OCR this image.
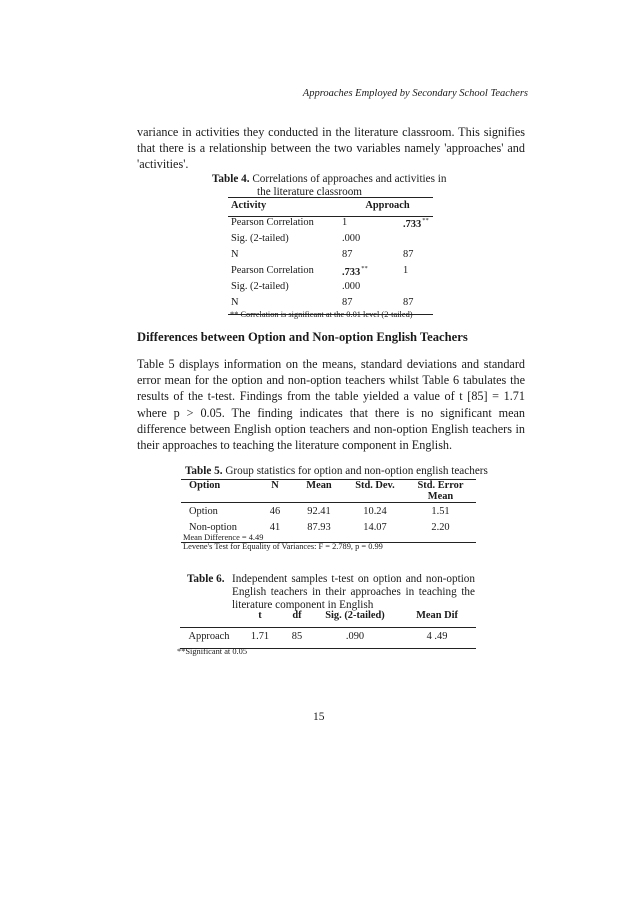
Approaches Employed by Secondary School Teachers

variance in activities they conducted in the literature classroom. This signifies that there is a relationship between the two variables namely 'approaches' and 'activities'.

Table 4. Correlations of approaches and activities in
the literature classroom
Activity	Approach	
Pearson Correlation	1	.733**
Sig. (2-tailed)	.000	
N	87	87
Pearson Correlation	.733**	1
Sig. (2-tailed)	.000	
N	87	87
** Correlation is significant at the 0.01 level (2-tailed)
Differences between Option and Non-option English Teachers

Table 5 displays information on the means, standard deviations and standard error mean for the option and non-option teachers whilst Table 6 tabulates the results of the t-test. Findings from the table yielded a value of t [85] = 1.71 where p > 0.05. The finding indicates that there is no significant mean difference between English option teachers and non-option English teachers in their approaches to teaching the literature component in English.

Table 5. Group statistics for option and non-option english teachers
Option	N	Mean	Std. Dev.	Std. Error Mean
Option	46	92.41	10.24	1.51
Non-option	41	87.93	14.07	2.20
Mean Difference = 4.49
Levene's Test for Equality of Variances: F = 2.789, p = 0.99
Table 6. Independent samples t-test on option and non-option
English teachers in their approaches in teaching the
literature component in English
	t	df	Sig. (2-tailed)	Mean Dif
Approach	1.71	85	.090	4 .49
**Significant at 0.05
15
